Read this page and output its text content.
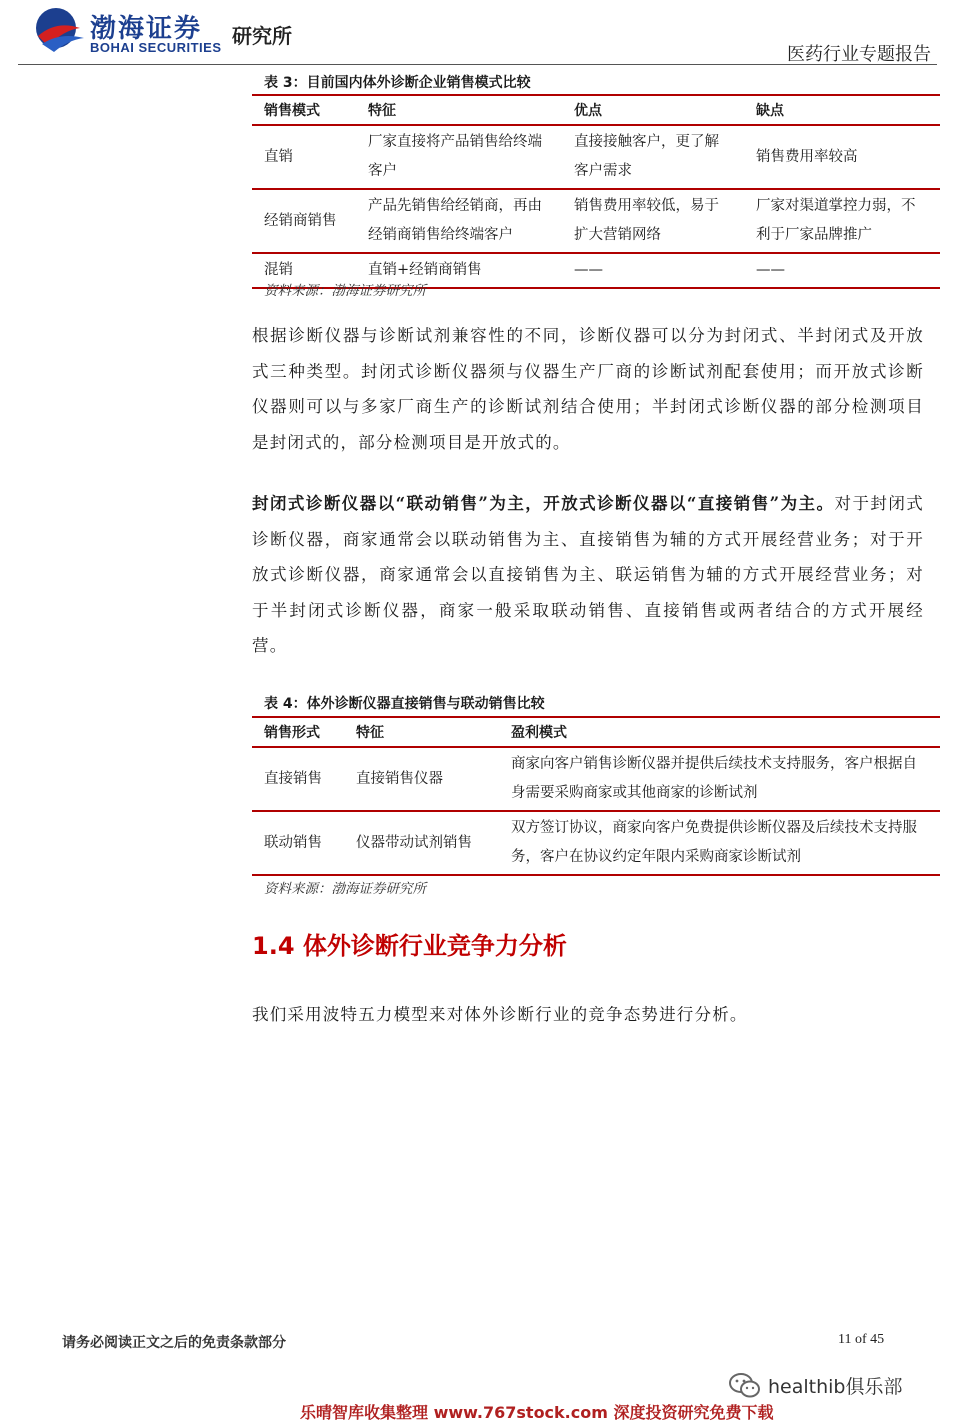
渤海证券
BOHAI SECURITIES 研究所
医药行业专题报告
表 3：目前国内体外诊断企业销售模式比较
销售模式	特征	优点	缺点
直销	厂家直接将产品销售给终端客户	直接接触客户，更了解客户需求	销售费用率较高
经销商销售	产品先销售给经销商，再由经销商销售给终端客户	销售费用率较低，易于扩大营销网络	厂家对渠道掌控力弱，不利于厂家品牌推广
混销	直销+经销商销售	——	——
资料来源：渤海证券研究所

根据诊断仪器与诊断试剂兼容性的不同，诊断仪器可以分为封闭式、半封闭式及开放式三种类型。封闭式诊断仪器须与仪器生产厂商的诊断试剂配套使用；而开放式诊断仪器则可以与多家厂商生产的诊断试剂结合使用；半封闭式诊断仪器的部分检测项目是封闭式的，部分检测项目是开放式的。

封闭式诊断仪器以“联动销售”为主，开放式诊断仪器以“直接销售”为主。对于封闭式诊断仪器，商家通常会以联动销售为主、直接销售为辅的方式开展经营业务；对于开放式诊断仪器，商家通常会以直接销售为主、联运销售为辅的方式开展经营业务；对于半封闭式诊断仪器，商家一般采取联动销售、直接销售或两者结合的方式开展经营。

表 4：体外诊断仪器直接销售与联动销售比较
销售形式	特征	盈利模式
直接销售	直接销售仪器	商家向客户销售诊断仪器并提供后续技术支持服务，客户根据自身需要采购商家或其他商家的诊断试剂
联动销售	仪器带动试剂销售	双方签订协议，商家向客户免费提供诊断仪器及后续技术支持服务，客户在协议约定年限内采购商家诊断试剂
资料来源：渤海证券研究所
1.4 体外诊断行业竞争力分析

我们采用波特五力模型来对体外诊断行业的竞争态势进行分析。

请务必阅读正文之后的免责条款部分	11 of 45
healthib俱乐部
乐晴智库收集整理 www.767stock.com 深度投资研究免费下载
